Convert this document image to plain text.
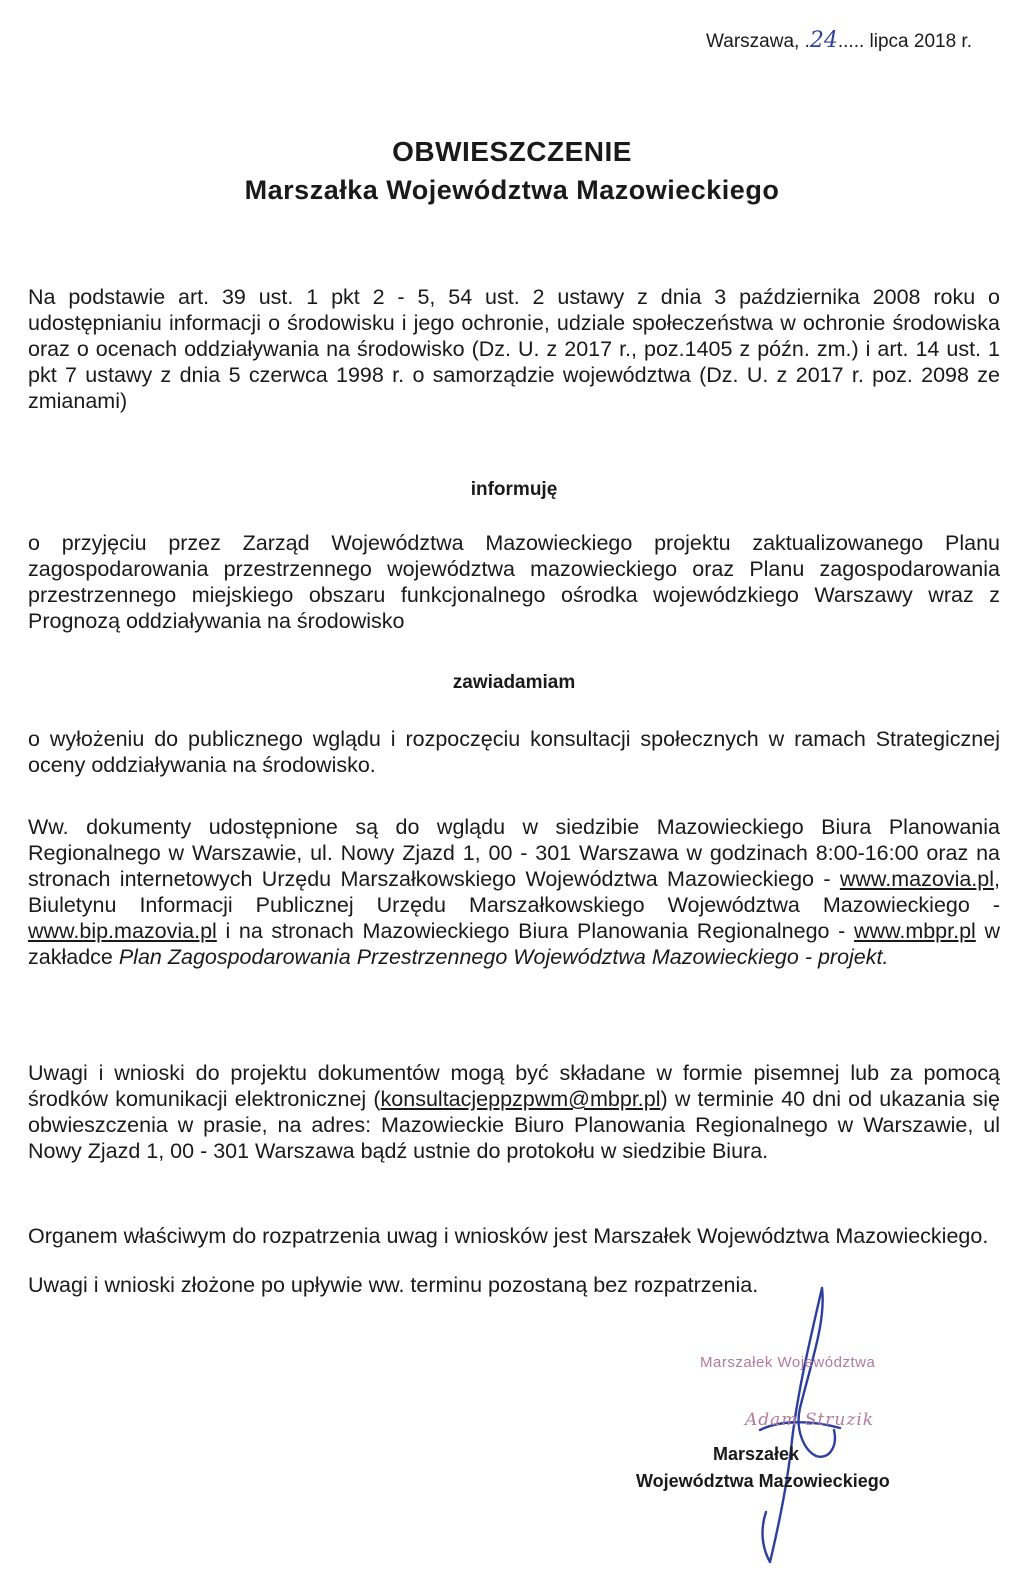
Warszawa, .24..... lipca 2018 r.
OBWIESZCZENIE
Marszałka Województwa Mazowieckiego

Na podstawie art. 39 ust. 1 pkt 2 - 5, 54 ust. 2 ustawy z dnia 3 października 2008 roku o udostępnianiu informacji o środowisku i jego ochronie, udziale społeczeństwa w ochronie środowiska oraz o ocenach oddziaływania na środowisko (Dz. U. z 2017 r., poz.1405 z późn. zm.) i art. 14 ust. 1 pkt 7 ustawy z dnia 5 czerwca 1998 r. o samorządzie województwa (Dz. U. z 2017 r. poz. 2098 ze zmianami)

informuję

o przyjęciu przez Zarząd Województwa Mazowieckiego projektu zaktualizowanego Planu zagospodarowania przestrzennego województwa mazowieckiego oraz Planu zagospodarowania przestrzennego miejskiego obszaru funkcjonalnego ośrodka wojewódzkiego Warszawy wraz z Prognozą oddziaływania na środowisko

zawiadamiam

o wyłożeniu do publicznego wglądu i rozpoczęciu konsultacji społecznych w ramach Strategicznej oceny oddziaływania na środowisko.

Ww. dokumenty udostępnione są do wglądu w siedzibie Mazowieckiego Biura Planowania Regionalnego w Warszawie, ul. Nowy Zjazd 1, 00 - 301 Warszawa w godzinach 8:00-16:00 oraz na stronach internetowych Urzędu Marszałkowskiego Województwa Mazowieckiego - www.mazovia.pl, Biuletynu Informacji Publicznej Urzędu Marszałkowskiego Województwa Mazowieckiego - www.bip.mazovia.pl i na stronach Mazowieckiego Biura Planowania Regionalnego - www.mbpr.pl w zakładce Plan Zagospodarowania Przestrzennego Województwa Mazowieckiego - projekt.

Uwagi i wnioski do projektu dokumentów mogą być składane w formie pisemnej lub za pomocą środków komunikacji elektronicznej (konsultacjeppzpwm@mbpr.pl) w terminie 40 dni od ukazania się obwieszczenia w prasie, na adres: Mazowieckie Biuro Planowania Regionalnego w Warszawie, ul Nowy Zjazd 1, 00 - 301 Warszawa bądź ustnie do protokołu w siedzibie Biura.

Organem właściwym do rozpatrzenia uwag i wniosków jest Marszałek Województwa Mazowieckiego.

Uwagi i wnioski złożone po upływie ww. terminu pozostaną bez rozpatrzenia.

Marszałek Województwa
Adam Struzik
Marszałek
Województwa Mazowieckiego
